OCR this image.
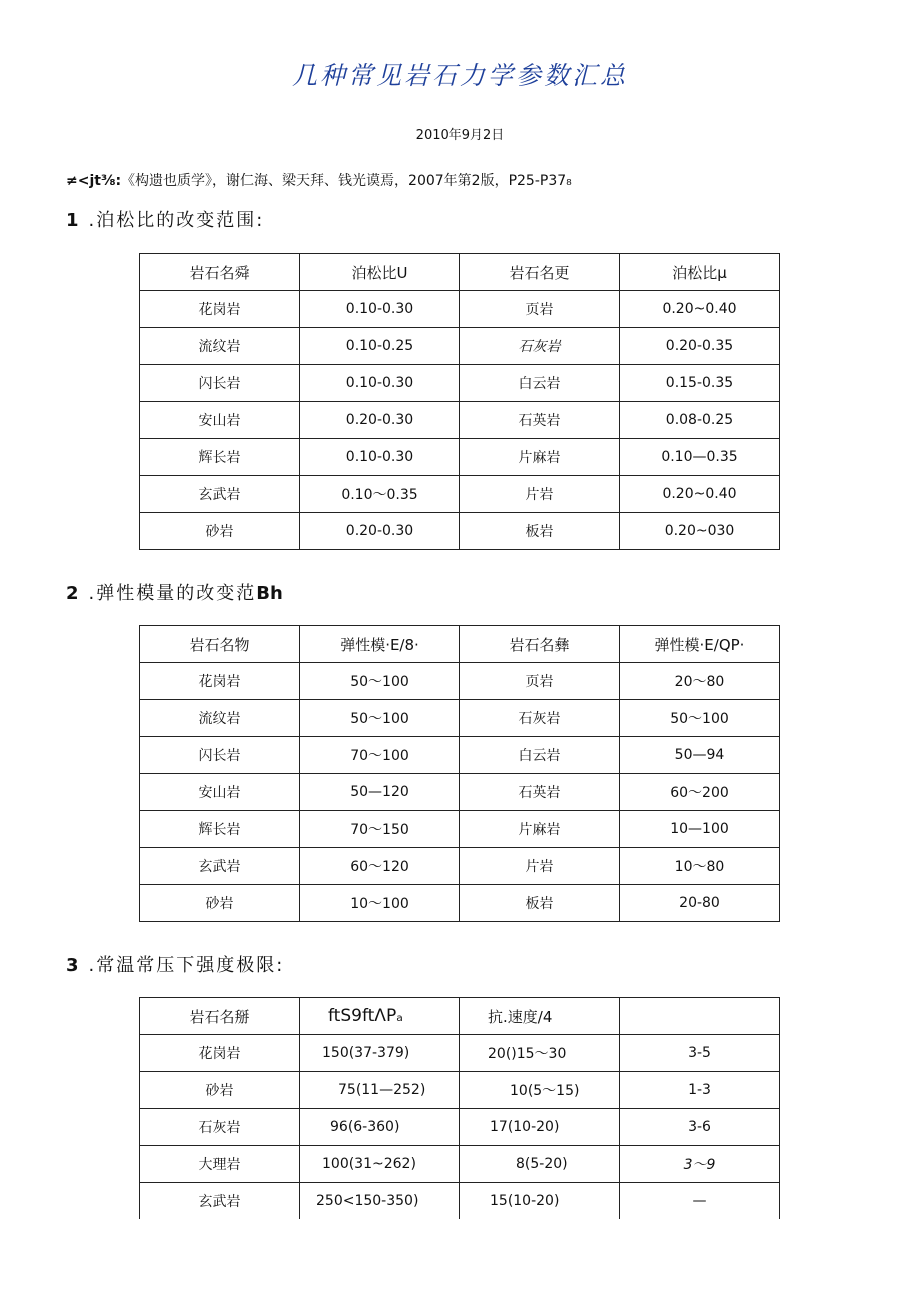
几种常见岩石力学参数汇总
2010年9月2日
≠<jt⅜:《构遗也质学》，谢仁海、梁天拜、钱光谟焉，2007年第2版，P25-P37₈
1 .泊松比的改变范围:
岩石名舜	泊松比U	岩石名更	泊松比μ
花岗岩	0.10-0.30	页岩	0.20~0.40
流纹岩	0.10-0.25	石灰岩	0.20-0.35
闪长岩	0.10-0.30	白云岩	0.15-0.35
安山岩	0.20-0.30	石英岩	0.08-0.25
辉长岩	0.10-0.30	片麻岩	0.10—0.35
玄武岩	0.10～0.35	片岩	0.20~0.40
砂岩	0.20-0.30	板岩	0.20~030
2 .弹性模量的改变范Bh
岩石名物	弹性模·E∕8·	岩石名彝	弹性模·E∕QP·
花岗岩	50～100	页岩	20～80
流纹岩	50～100	石灰岩	50～100
闪长岩	70～100	白云岩	50—94
安山岩	50—120	石英岩	60～200
辉长岩	70～150	片麻岩	10—100
玄武岩	60～120	片岩	10～80
砂岩	10～100	板岩	20-80
3 .常温常压下强度极限:
岩石名掰	ftS9ftΛPₐ	抗.速度/4	
花岗岩	150(37-379)	20()15～30	3-5
砂岩	75(11—252)	10(5～15)	1-3
石灰岩	96(6-360)	17(10-20)	3-6
大理岩	100(31~262)	8(5-20)	3～9
玄武岩	250<150-350)	15(10-20)	—
